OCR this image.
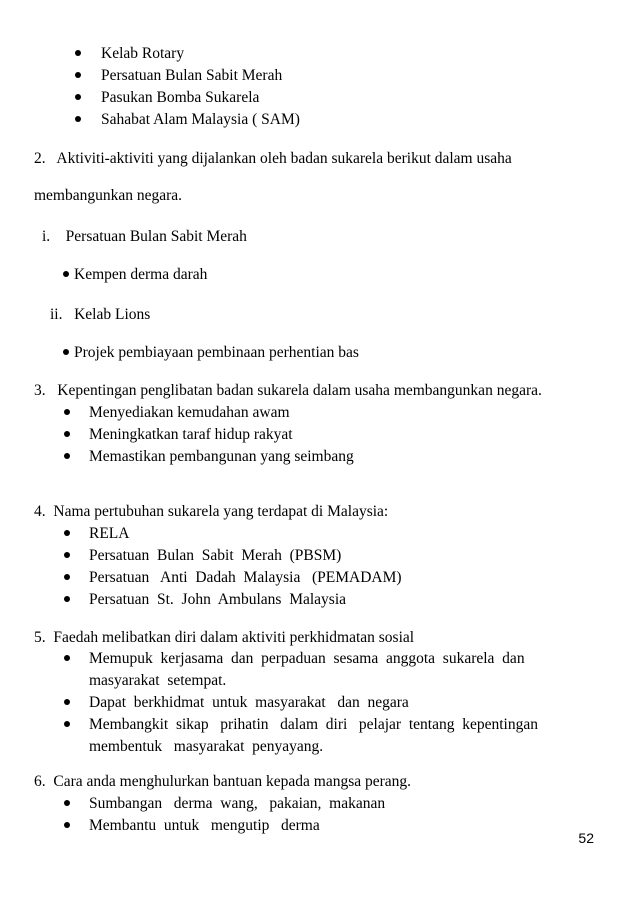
Kelab Rotary
Persatuan Bulan Sabit Merah
Pasukan Bomba Sukarela
Sahabat Alam Malaysia ( SAM)
2.   Aktiviti-aktiviti yang dijalankan oleh badan sukarela berikut dalam usaha
membangunkan negara.
i.    Persatuan Bulan Sabit Merah
Kempen derma darah
ii.   Kelab Lions
Projek pembiayaan pembinaan perhentian bas
3.   Kepentingan penglibatan badan sukarela dalam usaha membangunkan negara.
Menyediakan kemudahan awam
Meningkatkan taraf hidup rakyat
Memastikan pembangunan yang seimbang
4.  Nama pertubuhan sukarela yang terdapat di Malaysia:
RELA
Persatuan  Bulan  Sabit  Merah  (PBSM)
Persatuan   Anti  Dadah  Malaysia   (PEMADAM)
Persatuan  St.  John  Ambulans  Malaysia
5.  Faedah melibatkan diri dalam aktiviti perkhidmatan sosial
Memupuk  kerjasama  dan  perpaduan  sesama  anggota  sukarela  dan
masyarakat  setempat.
Dapat  berkhidmat  untuk  masyarakat   dan  negara
Membangkit  sikap   prihatin   dalam  diri   pelajar  tentang  kepentingan
membentuk   masyarakat  penyayang.
6.  Cara anda menghulurkan bantuan kepada mangsa perang.
Sumbangan   derma  wang,   pakaian,  makanan
Membantu  untuk   mengutip   derma
52
